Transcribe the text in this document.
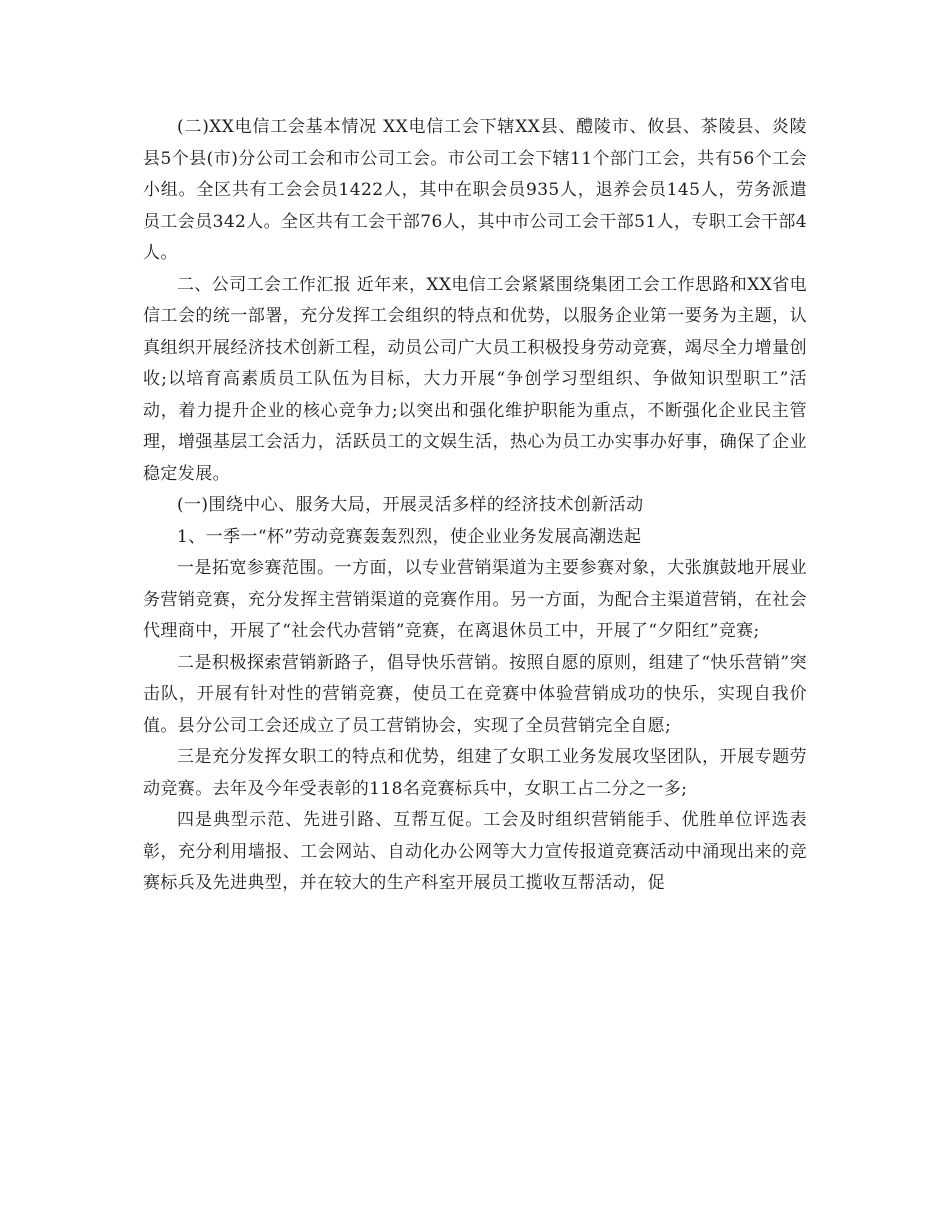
(二)XX电信工会基本情况 XX电信工会下辖XX县、醴陵市、攸县、茶陵县、炎陵县5个县(市)分公司工会和市公司工会。市公司工会下辖11个部门工会，共有56个工会小组。全区共有工会会员1422人，其中在职会员935人，退养会员145人，劳务派遣员工会员342人。全区共有工会干部76人，其中市公司工会干部51人，专职工会干部4人。

二、公司工会工作汇报 近年来，XX电信工会紧紧围绕集团工会工作思路和XX省电信工会的统一部署，充分发挥工会组织的特点和优势，以服务企业第一要务为主题，认真组织开展经济技术创新工程，动员公司广大员工积极投身劳动竞赛，竭尽全力增量创收;以培育高素质员工队伍为目标，大力开展“争创学习型组织、争做知识型职工”活动，着力提升企业的核心竞争力;以突出和强化维护职能为重点，不断强化企业民主管理，增强基层工会活力，活跃员工的文娱生活，热心为员工办实事办好事，确保了企业稳定发展。

(一)围绕中心、服务大局，开展灵活多样的经济技术创新活动

1、一季一“杯”劳动竞赛轰轰烈烈，使企业业务发展高潮迭起

一是拓宽参赛范围。一方面，以专业营销渠道为主要参赛对象，大张旗鼓地开展业务营销竞赛，充分发挥主营销渠道的竞赛作用。另一方面，为配合主渠道营销，在社会代理商中，开展了“社会代办营销”竞赛，在离退休员工中，开展了“夕阳红”竞赛;

二是积极探索营销新路子，倡导快乐营销。按照自愿的原则，组建了“快乐营销”突击队，开展有针对性的营销竞赛，使员工在竞赛中体验营销成功的快乐，实现自我价值。县分公司工会还成立了员工营销协会，实现了全员营销完全自愿;

三是充分发挥女职工的特点和优势，组建了女职工业务发展攻坚团队，开展专题劳动竞赛。去年及今年受表彰的118名竞赛标兵中，女职工占二分之一多;

四是典型示范、先进引路、互帮互促。工会及时组织营销能手、优胜单位评选表彰，充分利用墙报、工会网站、自动化办公网等大力宣传报道竞赛活动中涌现出来的竞赛标兵及先进典型，并在较大的生产科室开展员工揽收互帮活动，促
